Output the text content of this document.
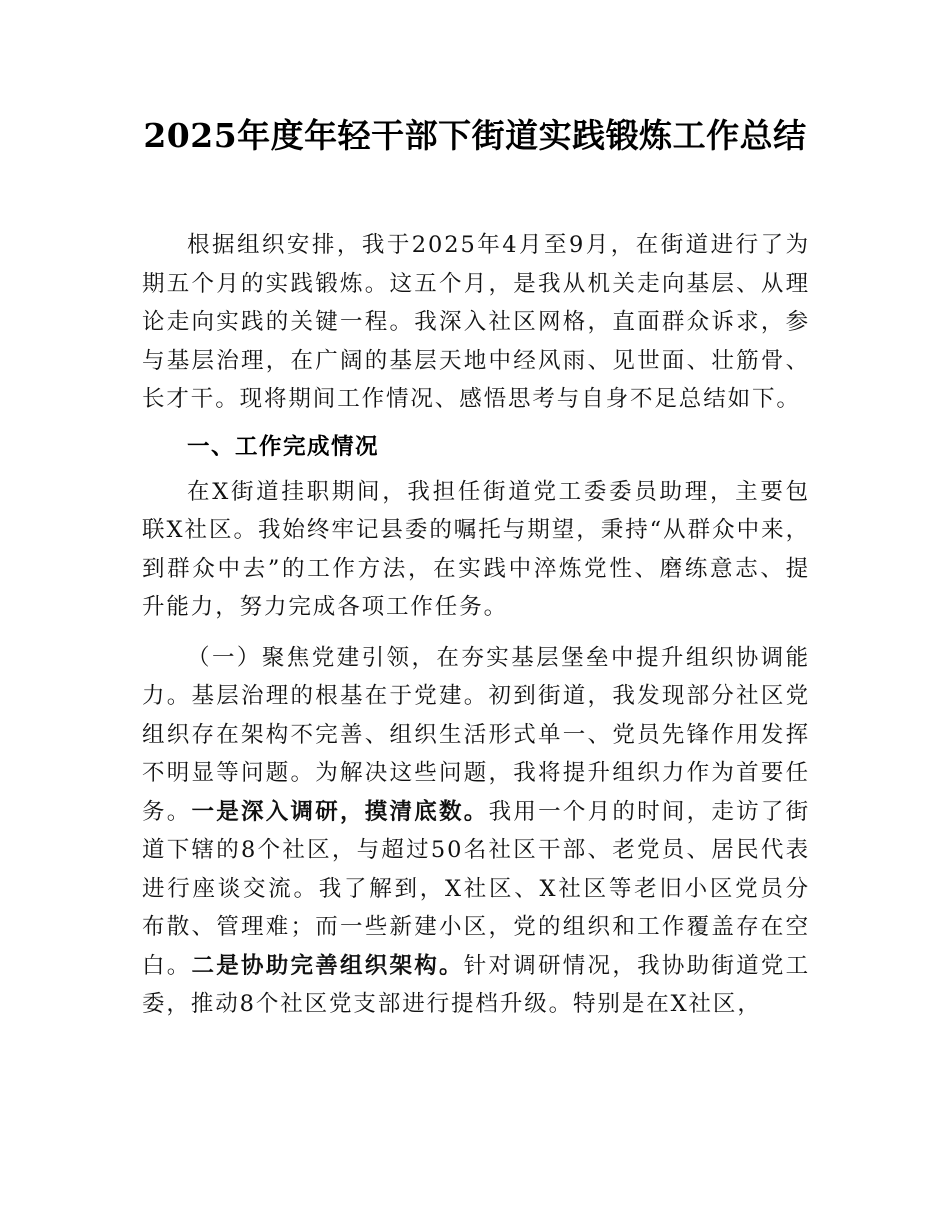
2025年度年轻干部下街道实践锻炼工作总结

根据组织安排，我于2025年4月至9月，在街道进行了为期五个月的实践锻炼。这五个月，是我从机关走向基层、从理论走向实践的关键一程。我深入社区网格，直面群众诉求，参与基层治理，在广阔的基层天地中经风雨、见世面、壮筋骨、长才干。现将期间工作情况、感悟思考与自身不足总结如下。

一、工作完成情况

在X街道挂职期间，我担任街道党工委委员助理，主要包联X社区。我始终牢记县委的嘱托与期望，秉持“从群众中来，到群众中去”的工作方法，在实践中淬炼党性、磨练意志、提升能力，努力完成各项工作任务。

（一）聚焦党建引领，在夯实基层堡垒中提升组织协调能力。基层治理的根基在于党建。初到街道，我发现部分社区党组织存在架构不完善、组织生活形式单一、党员先锋作用发挥不明显等问题。为解决这些问题，我将提升组织力作为首要任务。一是深入调研，摸清底数。我用一个月的时间，走访了街道下辖的8个社区，与超过50名社区干部、老党员、居民代表进行座谈交流。我了解到，X社区、X社区等老旧小区党员分布散、管理难；而一些新建小区，党的组织和工作覆盖存在空白。二是协助完善组织架构。针对调研情况，我协助街道党工委，推动8个社区党支部进行提档升级。特别是在X社区，
